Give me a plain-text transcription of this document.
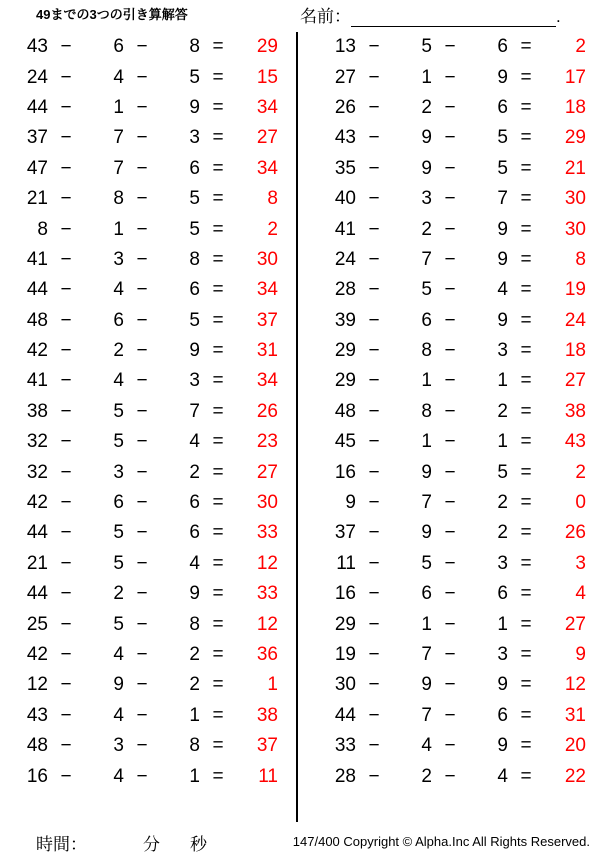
49までの3つの引き算解答	名前：	.
43 −	6 −	8 =	29
24 −	4 −	5 =	15
44 −	1 −	9 =	34
37 −	7 −	3 =	27
47 −	7 −	6 =	34
21 −	8 −	5 =	8
8 −	1 −	5 =	2
41 −	3 −	8 =	30
44 −	4 −	6 =	34
48 −	6 −	5 =	37
42 −	2 −	9 =	31
41 −	4 −	3 =	34
38 −	5 −	7 =	26
32 −	5 −	4 =	23
32 −	3 −	2 =	27
42 −	6 −	6 =	30
44 −	5 −	6 =	33
21 −	5 −	4 =	12
44 −	2 −	9 =	33
25 −	5 −	8 =	12
42 −	4 −	2 =	36
12 −	9 −	2 =	1
43 −	4 −	1 =	38
48 −	3 −	8 =	37
16 −	4 −	1 =	11
13 −	5 −	6 =	2
27 −	1 −	9 =	17
26 −	2 −	6 =	18
43 −	9 −	5 =	29
35 −	9 −	5 =	21
40 −	3 −	7 =	30
41 −	2 −	9 =	30
24 −	7 −	9 =	8
28 −	5 −	4 =	19
39 −	6 −	9 =	24
29 −	8 −	3 =	18
29 −	1 −	1 =	27
48 −	8 −	2 =	38
45 −	1 −	1 =	43
16 −	9 −	5 =	2
9 −	7 −	2 =	0
37 −	9 −	2 =	26
11 −	5 −	3 =	3
16 −	6 −	6 =	4
29 −	1 −	1 =	27
19 −	7 −	3 =	9
30 −	9 −	9 =	12
44 −	7 −	6 =	31
33 −	4 −	9 =	20
28 −	2 −	4 =	22
時間：	分 秒	147/400 Copyright © Alpha.Inc All Rights Reserved.
